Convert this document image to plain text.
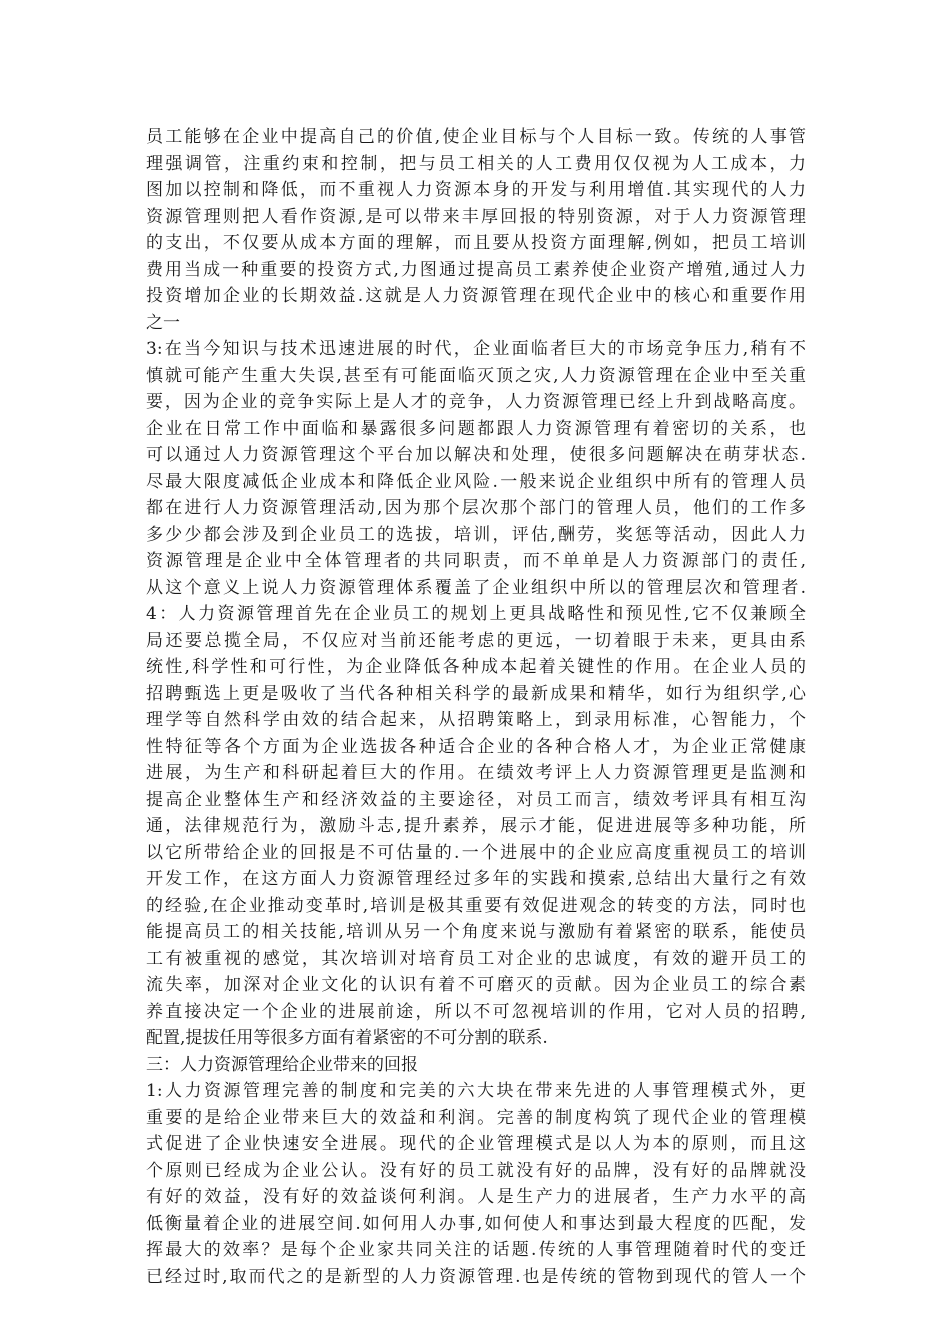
员工能够在企业中提高自己的价值,使企业目标与个人目标一致。传统的人事管
理强调管，注重约束和控制，把与员工相关的人工费用仅仅视为人工成本，力
图加以控制和降低，而不重视人力资源本身的开发与利用增值.其实现代的人力
资源管理则把人看作资源,是可以带来丰厚回报的特别资源，对于人力资源管理
的支出，不仅要从成本方面的理解，而且要从投资方面理解,例如，把员工培训
费用当成一种重要的投资方式,力图通过提高员工素养使企业资产增殖,通过人力
投资增加企业的长期效益.这就是人力资源管理在现代企业中的核心和重要作用
之一
3:在当今知识与技术迅速进展的时代，企业面临者巨大的市场竞争压力,稍有不
慎就可能产生重大失误,甚至有可能面临灭顶之灾,人力资源管理在企业中至关重
要，因为企业的竞争实际上是人才的竞争，人力资源管理已经上升到战略高度。
企业在日常工作中面临和暴露很多问题都跟人力资源管理有着密切的关系，也
可以通过人力资源管理这个平台加以解决和处理，使很多问题解决在萌芽状态.
尽最大限度减低企业成本和降低企业风险.一般来说企业组织中所有的管理人员
都在进行人力资源管理活动,因为那个层次那个部门的管理人员，他们的工作多
多少少都会涉及到企业员工的选拔，培训，评估,酬劳，奖惩等活动，因此人力
资源管理是企业中全体管理者的共同职责，而不单单是人力资源部门的责任,
从这个意义上说人力资源管理体系覆盖了企业组织中所以的管理层次和管理者.
4：人力资源管理首先在企业员工的规划上更具战略性和预见性,它不仅兼顾全
局还要总揽全局，不仅应对当前还能考虑的更远，一切着眼于未来，更具由系
统性,科学性和可行性，为企业降低各种成本起着关键性的作用。在企业人员的
招聘甄选上更是吸收了当代各种相关科学的最新成果和精华，如行为组织学,心
理学等自然科学由效的结合起来，从招聘策略上，到录用标准，心智能力，个
性特征等各个方面为企业选拔各种适合企业的各种合格人才，为企业正常健康
进展，为生产和科研起着巨大的作用。在绩效考评上人力资源管理更是监测和
提高企业整体生产和经济效益的主要途径，对员工而言，绩效考评具有相互沟
通，法律规范行为，激励斗志,提升素养，展示才能，促进进展等多种功能，所
以它所带给企业的回报是不可估量的.一个进展中的企业应高度重视员工的培训
开发工作，在这方面人力资源管理经过多年的实践和摸索,总结出大量行之有效
的经验,在企业推动变革时,培训是极其重要有效促进观念的转变的方法，同时也
能提高员工的相关技能,培训从另一个角度来说与激励有着紧密的联系，能使员
工有被重视的感觉，其次培训对培育员工对企业的忠诚度，有效的避开员工的
流失率，加深对企业文化的认识有着不可磨灭的贡献。因为企业员工的综合素
养直接决定一个企业的进展前途，所以不可忽视培训的作用，它对人员的招聘,
配置,提拔任用等很多方面有着紧密的不可分割的联系.
三：人力资源管理给企业带来的回报
1:人力资源管理完善的制度和完美的六大块在带来先进的人事管理模式外，更
重要的是给企业带来巨大的效益和利润。完善的制度构筑了现代企业的管理模
式促进了企业快速安全进展。现代的企业管理模式是以人为本的原则，而且这
个原则已经成为企业公认。没有好的员工就没有好的品牌，没有好的品牌就没
有好的效益，没有好的效益谈何利润。人是生产力的进展者，生产力水平的高
低衡量着企业的进展空间.如何用人办事,如何使人和事达到最大程度的匹配，发
挥最大的效率？是每个企业家共同关注的话题.传统的人事管理随着时代的变迁
已经过时,取而代之的是新型的人力资源管理.也是传统的管物到现代的管人一个
